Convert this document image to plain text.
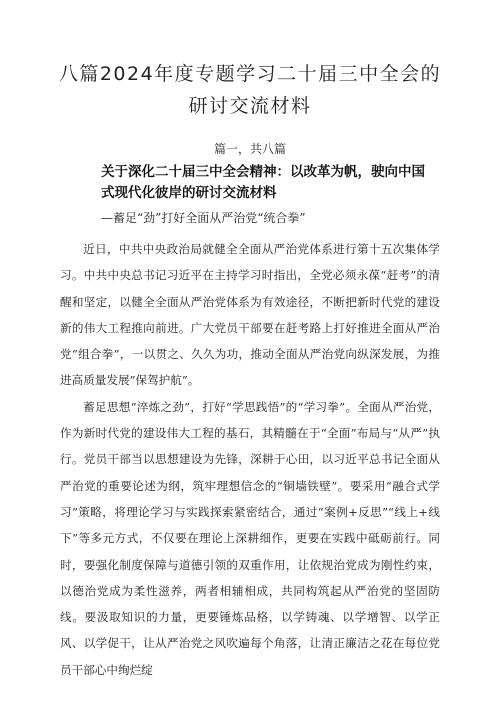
八篇2024年度专题学习二十届三中全会的
研讨交流材料
篇一，共八篇
关于深化二十届三中全会精神：以改革为帆，驶向中国式现代化彼岸的研讨交流材料
—蓄足“劲”打好全面从严治党“统合拳”

近日，中共中央政治局就健全全面从严治党体系进行第十五次集体学习。中共中央总书记习近平在主持学习时指出，全党必须永葆“赶考”的清醒和坚定，以健全全面从严治党体系为有效途径，不断把新时代党的建设新的伟大工程推向前进。广大党员干部要在赶考路上打好推进全面从严治党“组合拳”，一以贯之、久久为功，推动全面从严治党向纵深发展，为推进高质量发展”保驾护航”。

蓄足思想“淬炼之劲”，打好“学思践悟”的“学习拳”。全面从严治党，作为新时代党的建设伟大工程的基石，其精髓在于“全面”布局与“从严”执行。党员干部当以思想建设为先锋，深耕于心田，以习近平总书记全面从严治党的重要论述为纲，筑牢理想信念的“铜墙铁壁”。要采用“融合式学习”策略，将理论学习与实践探索紧密结合，通过“案例+反思”“线上+线下”等多元方式，不仅要在理论上深耕细作，更要在实践中砥砺前行。同时，要强化制度保障与道德引领的双重作用，让依规治党成为刚性约束，以德治党成为柔性滋养，两者相辅相成，共同构筑起从严治党的坚固防线。要汲取知识的力量，更要锤炼品格，以学铸魂、以学增智、以学正风、以学促干，让从严治党之风吹遍每个角落，让清正廉洁之花在每位党员干部心中绚烂绽
